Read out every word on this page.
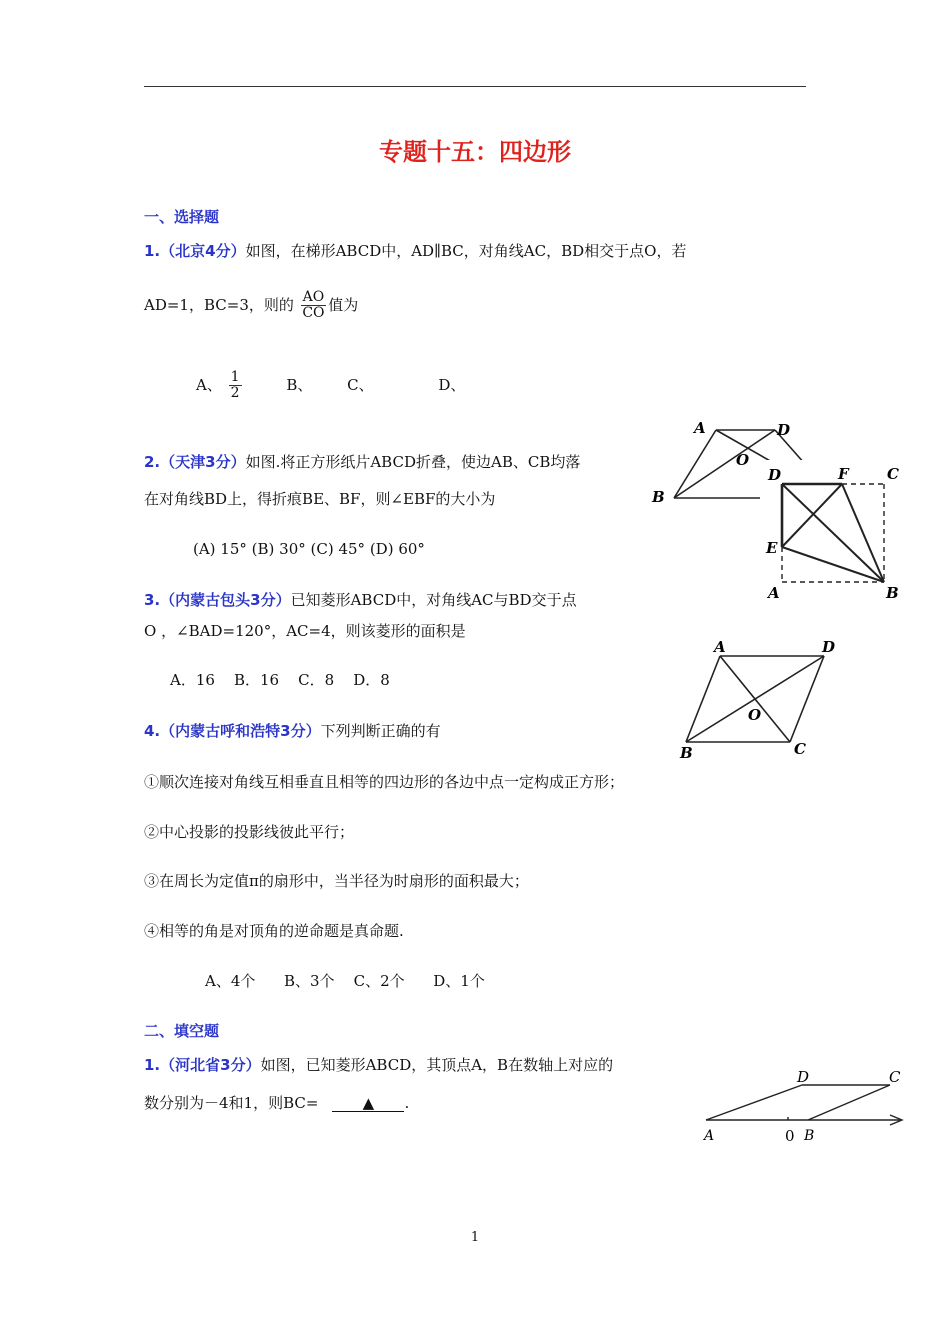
专题十五：四边形
一、选择题
1.（北京4分）如图，在梯形ABCD中，AD∥BC，对角线AC，BD相交于点O，若
AD=1，BC=3，则的 $\frac{AO}{CO}$ 值为
A、 $\frac{1}{2}$	B、 C、	D、
A	D
O
B
2.（天津3分）如图.将正方形纸片ABCD折叠，使边AB、CB均落
在对角线BD上，得折痕BE、BF，则∠EBF的大小为
(A) 15° (B) 30° (C) 45° (D) 60°
D	F	C
E
A	B
3.（内蒙古包头3分）已知菱形ABCD中，对角线AC与BD交于点
O ，∠BAD=120°，AC=4，则该菱形的面积是
A．16    B．16    C．8    D．8
A	D
O
B	C
4.（内蒙古呼和浩特3分）下列判断正确的有
①顺次连接对角线互相垂直且相等的四边形的各边中点一定构成正方形；
②中心投影的投影线彼此平行；
③在周长为定值π的扇形中，当半径为时扇形的面积最大；
④相等的角是对顶角的逆命题是真命题.
A、4个      B、3个    C、2个      D、1个
二、填空题
1.（河北省3分）如图，已知菱形ABCD，其顶点A，B在数轴上对应的
数分别为－4和1，则BC=	▲ .
D	C
A	0 B
1
